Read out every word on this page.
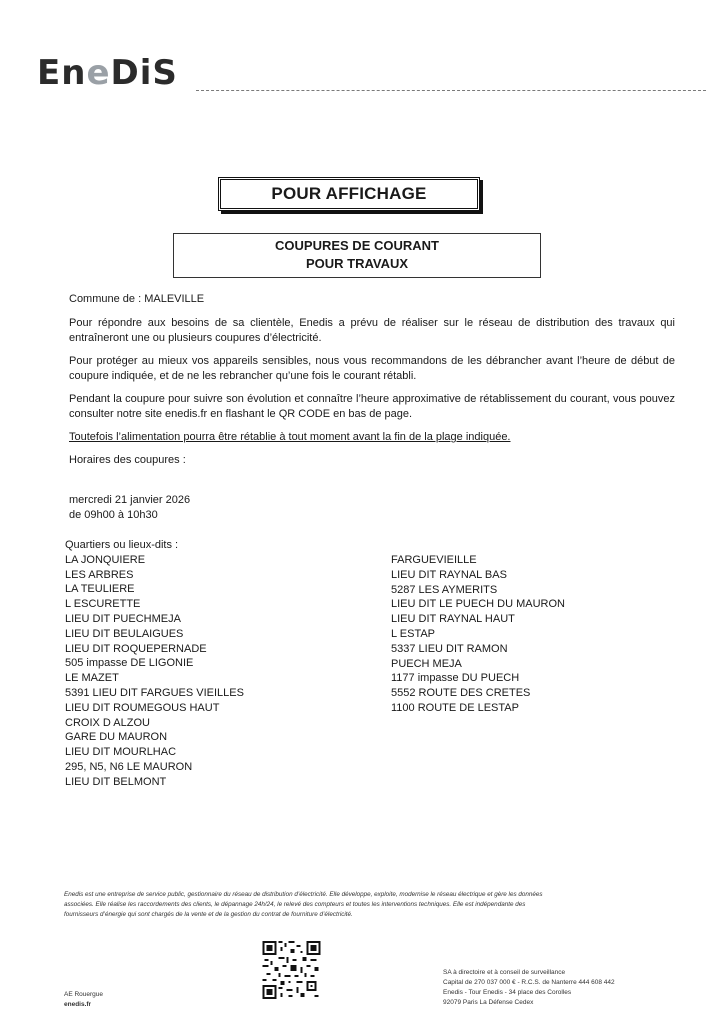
EneDiS
POUR AFFICHAGE
COUPURES DE COURANT
POUR TRAVAUX

Commune de : MALEVILLE

Pour répondre aux besoins de sa clientèle, Enedis a prévu de réaliser sur le réseau de distribution des travaux qui entraîneront une ou plusieurs coupures d’électricité.

Pour protéger au mieux vos appareils sensibles, nous vous recommandons de les débrancher avant l’heure de début de coupure indiquée, et de ne les rebrancher qu’une fois le courant rétabli.

Pendant la coupure pour suivre son évolution et connaître l’heure approximative de rétablissement du courant, vous pouvez consulter notre site enedis.fr en flashant le QR CODE en bas de page.

Toutefois l’alimentation pourra être rétablie à tout moment avant la fin de la plage indiquée.

Horaires des coupures :

mercredi 21 janvier 2026
de 09h00 à 10h30
Quartiers ou lieux-dits :
LA JONQUIERE
LES ARBRES
LA TEULIERE
L ESCURETTE
LIEU DIT PUECHMEJA
LIEU DIT BEULAIGUES
LIEU DIT ROQUEPERNADE
505 impasse DE LIGONIE
LE MAZET
5391 LIEU DIT FARGUES VIEILLES
LIEU DIT ROUMEGOUS HAUT
CROIX D ALZOU
GARE DU MAURON
LIEU DIT MOURLHAC
295, N5, N6 LE MAURON
LIEU DIT BELMONT
FARGUEVIEILLE
LIEU DIT RAYNAL BAS
5287 LES AYMERITS
LIEU DIT LE PUECH DU MAURON
LIEU DIT RAYNAL HAUT
L ESTAP
5337 LIEU DIT RAMON
PUECH MEJA
1177 impasse DU PUECH
5552 ROUTE DES CRETES
1100 ROUTE DE LESTAP
Enedis est une entreprise de service public, gestionnaire du réseau de distribution d’électricité. Elle développe, exploite, modernise le réseau électrique et gère les données
associées. Elle réalise les raccordements des clients, le dépannage 24h/24, le relevé des compteurs et toutes les interventions techniques. Elle est indépendante des
fournisseurs d’énergie qui sont chargés de la vente et de la gestion du contrat de fourniture d’électricité.
AE Rouergue
enedis.fr
SA à directoire et à conseil de surveillance
Capital de 270 037 000 € - R.C.S. de Nanterre 444 608 442
Enedis - Tour Enedis - 34 place des Corolles
92079 Paris La Défense Cedex
